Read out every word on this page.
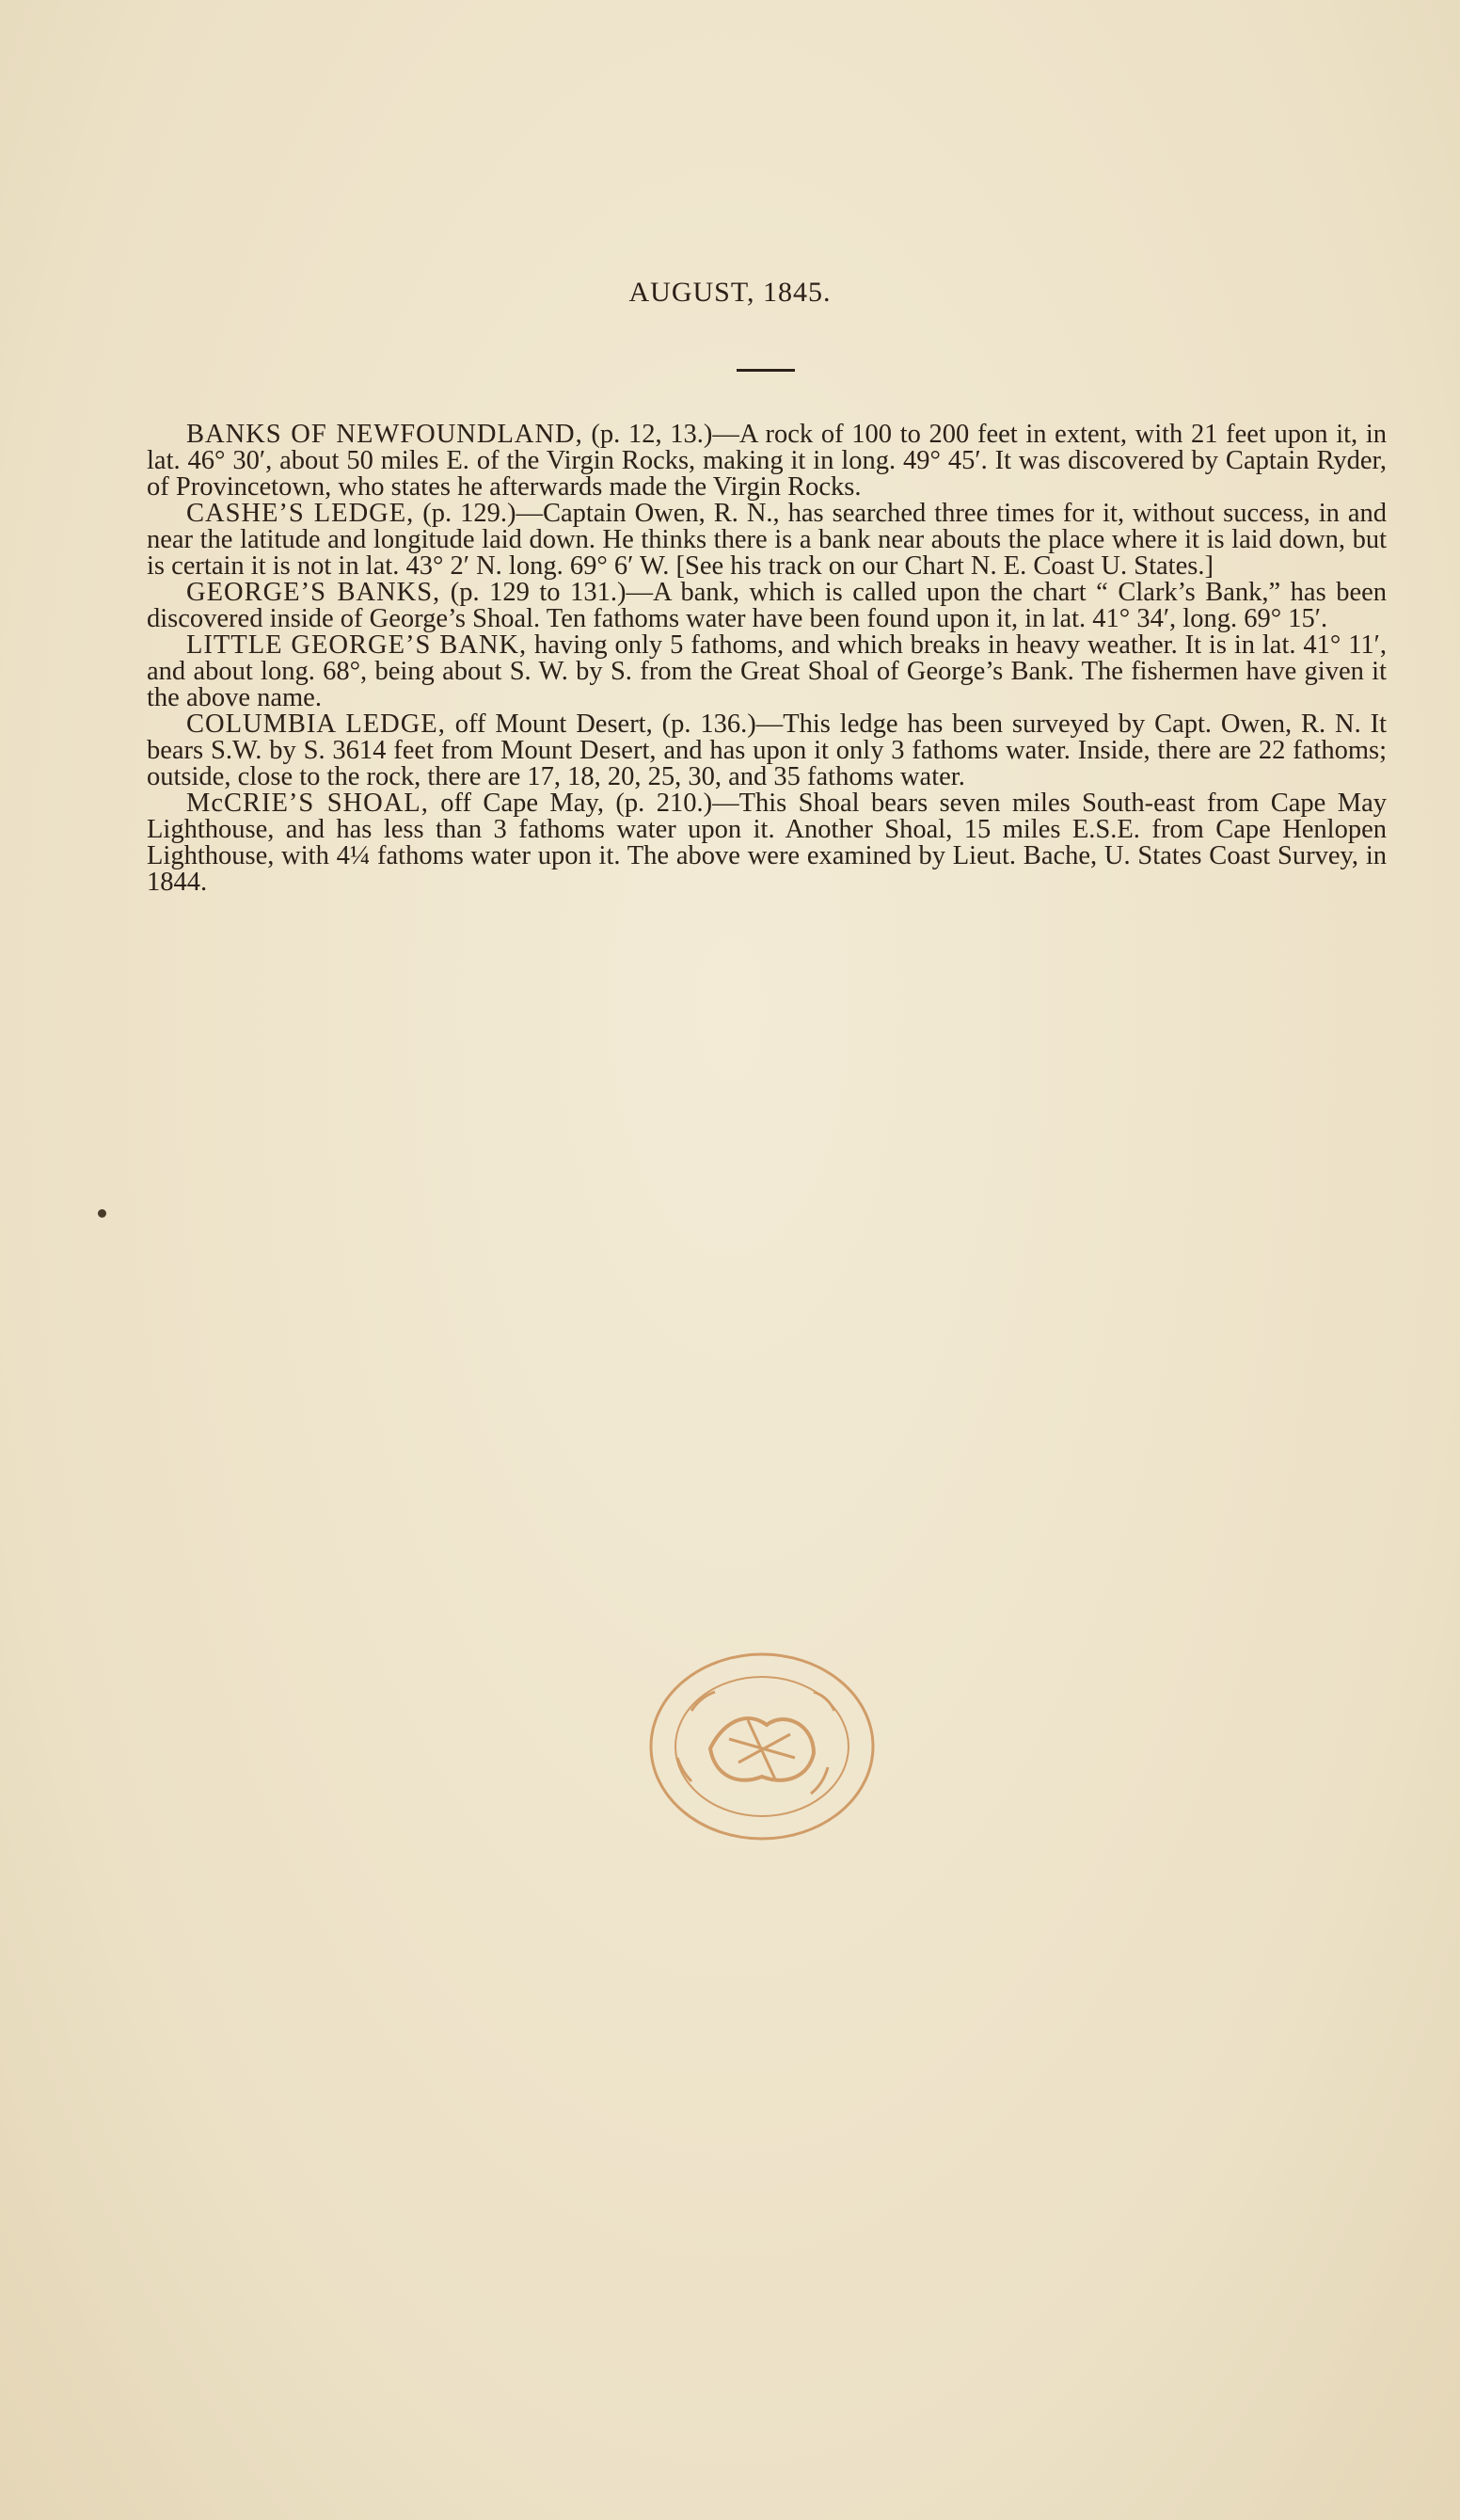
AUGUST, 1845.

BANKS OF NEWFOUNDLAND, (p. 12, 13.)—A rock of 100 to 200 feet in extent, with 21 feet upon it, in lat. 46° 30′, about 50 miles E. of the Virgin Rocks, making it in long. 49° 45′. It was discovered by Captain Ryder, of Provincetown, who states he afterwards made the Virgin Rocks.

CASHE’S LEDGE, (p. 129.)—Captain Owen, R. N., has searched three times for it, without success, in and near the latitude and longitude laid down. He thinks there is a bank near abouts the place where it is laid down, but is certain it is not in lat. 43° 2′ N. long. 69° 6′ W. [See his track on our Chart N. E. Coast U. States.]

GEORGE’S BANKS, (p. 129 to 131.)—A bank, which is called upon the chart “ Clark’s Bank,” has been discovered inside of George’s Shoal. Ten fathoms water have been found upon it, in lat. 41° 34′, long. 69° 15′.

LITTLE GEORGE’S BANK, having only 5 fathoms, and which breaks in heavy weather. It is in lat. 41° 11′, and about long. 68°, being about S. W. by S. from the Great Shoal of George’s Bank. The fishermen have given it the above name.

COLUMBIA LEDGE, off Mount Desert, (p. 136.)—This ledge has been surveyed by Capt. Owen, R. N. It bears S.W. by S. 3614 feet from Mount Desert, and has upon it only 3 fathoms water. Inside, there are 22 fathoms; outside, close to the rock, there are 17, 18, 20, 25, 30, and 35 fathoms water.

McCRIE’S SHOAL, off Cape May, (p. 210.)—This Shoal bears seven miles South-east from Cape May Lighthouse, and has less than 3 fathoms water upon it. Another Shoal, 15 miles E.S.E. from Cape Henlopen Lighthouse, with 4¼ fathoms water upon it. The above were examined by Lieut. Bache, U. States Coast Survey, in 1844.
